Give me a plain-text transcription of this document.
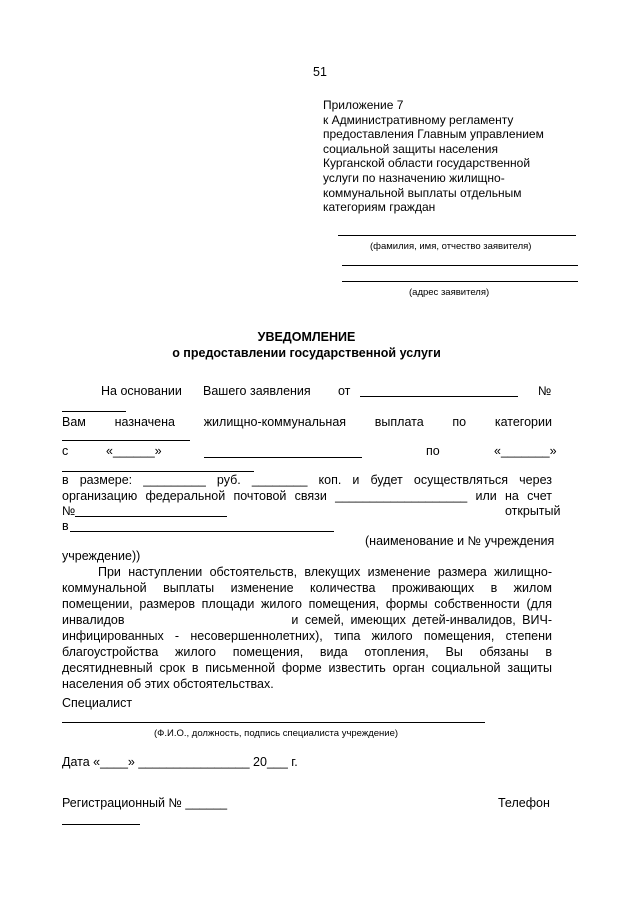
51
Приложение 7
к Административному регламенту
предоставления Главным управлением
социальной защиты населения
Курганской области государственной
услуги по назначению жилищно-
коммунальной выплаты отдельным
категориям граждан
(фамилия, имя, отчество заявителя)
(адрес заявителя)
УВЕДОМЛЕНИЕ
о предоставлении государственной услуги
На основании Вашего заявления от	№
Вам назначена жилищно-коммунальная выплата по категории
с	«______»	по	«_______»
в размере: _________ руб. ________ коп. и будет осуществляться через
организацию федеральной почтовой связи ___________________ или на счет
№	открытый
в
(наименование и № учреждения
учреждение))
При наступлении обстоятельств, влекущих изменение размера жилищно-
коммунальной выплаты изменение количества проживающих в жилом
помещении, размеров площади жилого помещения, формы собственности (для
инвалидов                          и семей, имеющих детей-инвалидов, ВИЧ-
инфицированных - несовершеннолетних), типа жилого помещения, степени
благоустройства жилого помещения, вида отопления, Вы обязаны в
десятидневный срок в письменной форме известить орган социальной защиты
населения об этих обстоятельствах.
Специалист
(Ф.И.О., должность, подпись специалиста учреждение)
Дата «____» ________________ 20___ г.
Регистрационный № ______	Телефон
